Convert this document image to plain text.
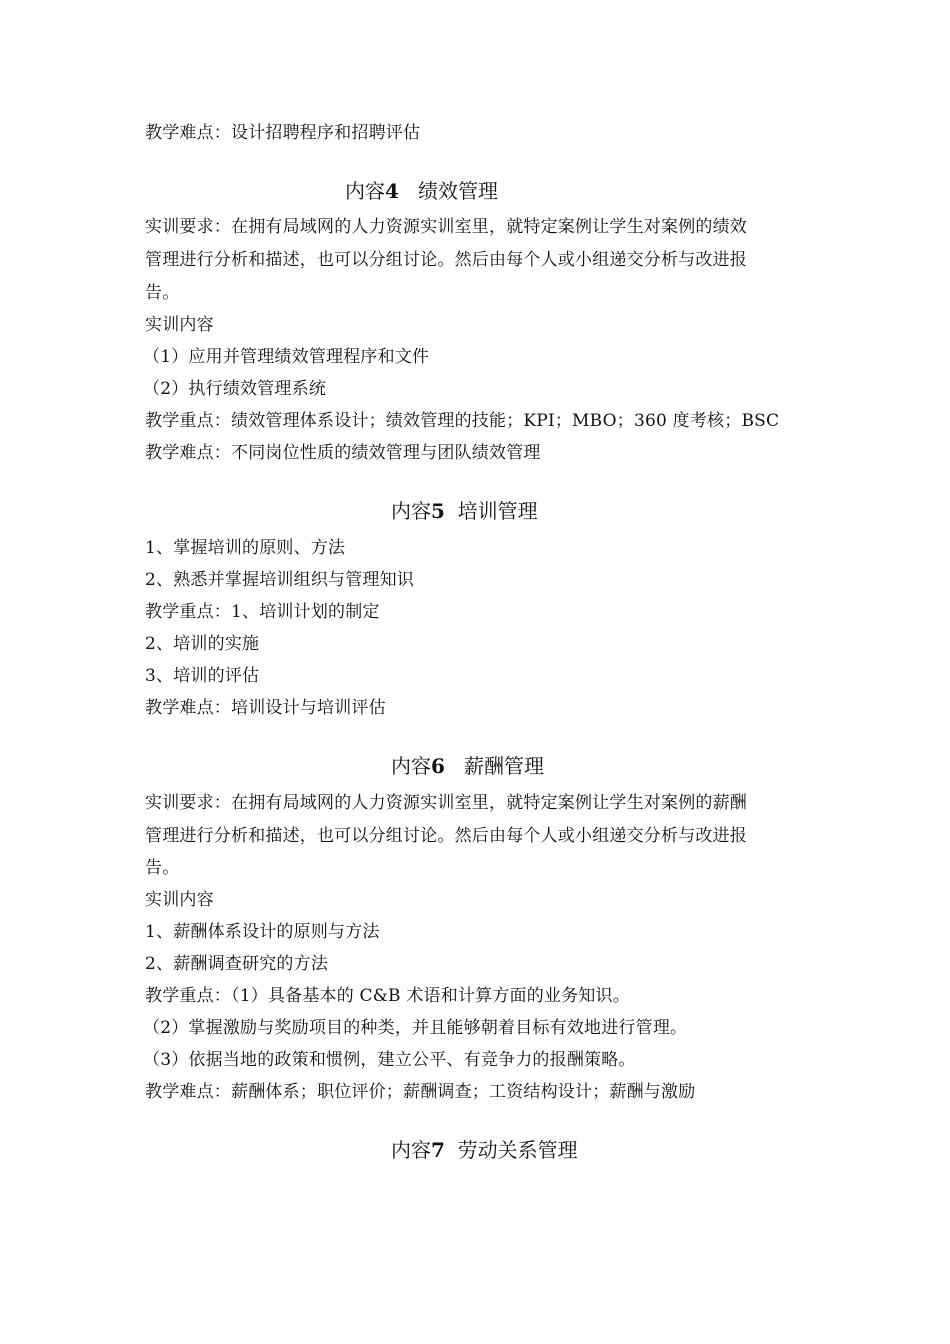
教学难点：设计招聘程序和招聘评估
内容4 绩效管理
实训要求：在拥有局域网的人力资源实训室里，就特定案例让学生对案例的绩效
管理进行分析和描述，也可以分组讨论。然后由每个人或小组递交分析与改进报
告。
实训内容
（1）应用并管理绩效管理程序和文件
（2）执行绩效管理系统
教学重点：绩效管理体系设计；绩效管理的技能；KPI；MBO；360 度考核；BSC
教学难点：不同岗位性质的绩效管理与团队绩效管理
内容5 培训管理
1、掌握培训的原则、方法
2、熟悉并掌握培训组织与管理知识
教学重点：1、培训计划的制定
2、培训的实施
3、培训的评估
教学难点：培训设计与培训评估
内容6 薪酬管理
实训要求：在拥有局域网的人力资源实训室里，就特定案例让学生对案例的薪酬
管理进行分析和描述，也可以分组讨论。然后由每个人或小组递交分析与改进报
告。
实训内容
1、薪酬体系设计的原则与方法
2、薪酬调查研究的方法
教学重点：（1）具备基本的 C&B 术语和计算方面的业务知识。
（2）掌握激励与奖励项目的种类，并且能够朝着目标有效地进行管理。
（3）依据当地的政策和惯例，建立公平、有竞争力的报酬策略。
教学难点：薪酬体系；职位评价；薪酬调查；工资结构设计；薪酬与激励
内容7 劳动关系管理
